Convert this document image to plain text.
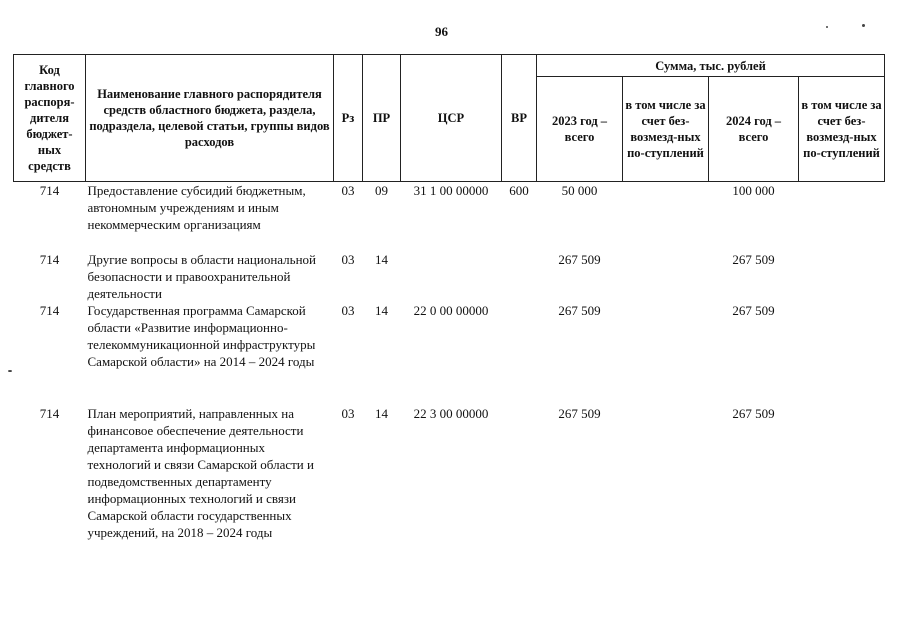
96
Код главного распоря-дителя бюджет-ных средств	Наименование главного распорядителя средств областного бюджета, раздела, подраздела, целевой статьи, группы видов расходов	Рз	ПР	ЦСР	ВР	Сумма, тыс. рублей			
						2023 год – всего	в том числе за счет без-возмезд-ных по-ступлений	2024 год – всего	в том числе за счет без-возмезд-ных по-ступлений
714	Предоставление субсидий бюджетным, автономным учреждениям и иным некоммерческим организациям	03	09	31 1 00 00000	600	50 000		100 000	
714	Другие вопросы в области национальной безопасности и правоохранительной деятельности	03	14			267 509		267 509	
714	Государственная программа Самарской области «Развитие информационно-телекоммуникационной инфраструктуры Самарской области» на 2014 – 2024 годы	03	14	22 0 00 00000		267 509		267 509	
714	План мероприятий, направленных на финансовое обеспечение деятельности департамента информационных технологий и связи Самарской области и подведомственных департаменту информационных технологий и связи Самарской области государственных учреждений, на 2018 – 2024 годы	03	14	22 3 00 00000		267 509		267 509	
